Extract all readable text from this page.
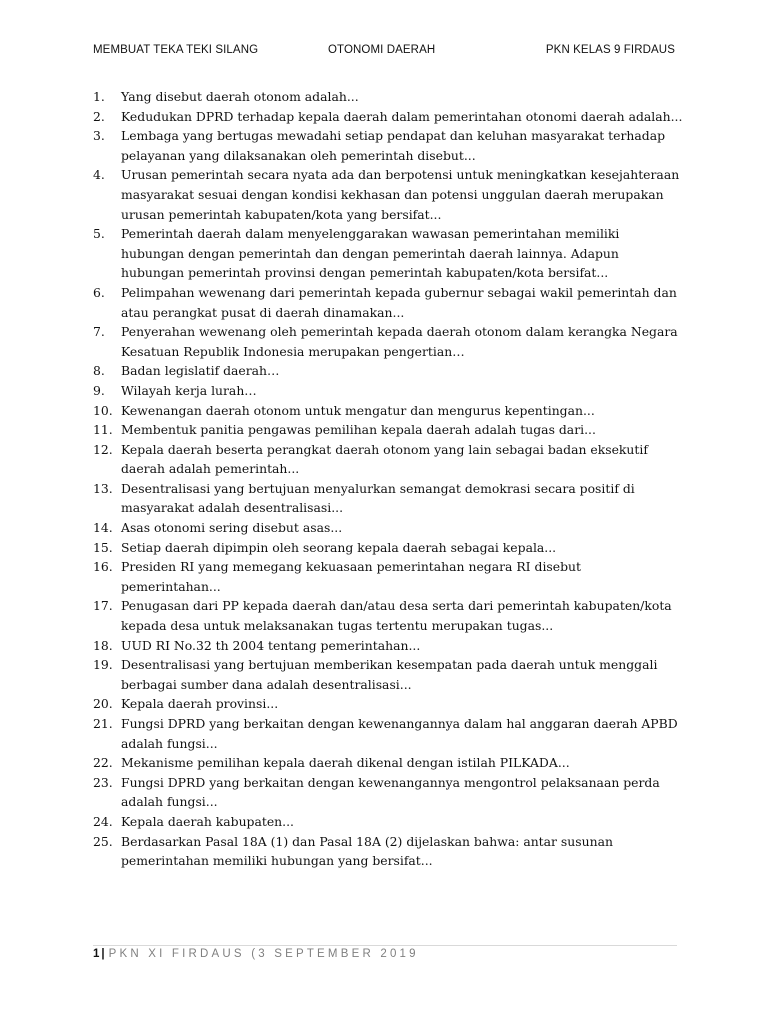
MEMBUAT TEKA TEKI SILANG	OTONOMI DAERAH	PKN KELAS 9 FIRDAUS
1. Yang disebut daerah otonom adalah...
2. Kedudukan DPRD terhadap kepala daerah dalam pemerintahan otonomi daerah adalah...
3. Lembaga yang bertugas mewadahi setiap pendapat dan keluhan masyarakat terhadap pelayanan yang dilaksanakan oleh pemerintah disebut...
4. Urusan pemerintah secara nyata ada dan berpotensi untuk meningkatkan kesejahteraan masyarakat sesuai dengan kondisi kekhasan dan potensi unggulan daerah merupakan urusan pemerintah kabupaten/kota yang bersifat...
5. Pemerintah daerah dalam menyelenggarakan wawasan pemerintahan memiliki hubungan dengan pemerintah dan dengan pemerintah daerah lainnya. Adapun hubungan pemerintah provinsi dengan pemerintah kabupaten/kota bersifat...
6. Pelimpahan wewenang dari pemerintah kepada gubernur sebagai wakil pemerintah dan atau perangkat pusat di daerah dinamakan...
7. Penyerahan wewenang oleh pemerintah kepada daerah otonom dalam kerangka Negara Kesatuan Republik Indonesia merupakan pengertian…
8. Badan legislatif daerah…
9. Wilayah kerja lurah…
10. Kewenangan daerah otonom untuk mengatur dan mengurus kepentingan...
11. Membentuk panitia pengawas pemilihan kepala daerah adalah tugas dari...
12. Kepala daerah beserta perangkat daerah otonom yang lain sebagai badan eksekutif daerah adalah pemerintah...
13. Desentralisasi yang bertujuan menyalurkan semangat demokrasi secara positif di masyarakat adalah desentralisasi...
14. Asas otonomi sering disebut asas...
15. Setiap daerah dipimpin oleh seorang kepala daerah sebagai kepala...
16. Presiden RI yang memegang kekuasaan pemerintahan negara RI disebut pemerintahan...
17. Penugasan dari PP kepada daerah dan/atau desa serta dari pemerintah kabupaten/kota kepada desa untuk melaksanakan tugas tertentu merupakan tugas...
18. UUD RI No.32 th 2004 tentang pemerintahan...
19. Desentralisasi yang bertujuan memberikan kesempatan pada daerah untuk menggali berbagai sumber dana adalah desentralisasi...
20. Kepala daerah provinsi...
21. Fungsi DPRD yang berkaitan dengan kewenangannya dalam hal anggaran daerah APBD adalah fungsi...
22. Mekanisme pemilihan kepala daerah dikenal dengan istilah PILKADA...
23. Fungsi DPRD yang berkaitan dengan kewenangannya mengontrol pelaksanaan perda adalah fungsi...
24. Kepala daerah kabupaten...
25. Berdasarkan Pasal 18A (1) dan Pasal 18A (2) dijelaskan bahwa: antar susunan pemerintahan memiliki hubungan yang bersifat...
1 | PKN XI FIRDAUS (3 SEPTEMBER 2019
